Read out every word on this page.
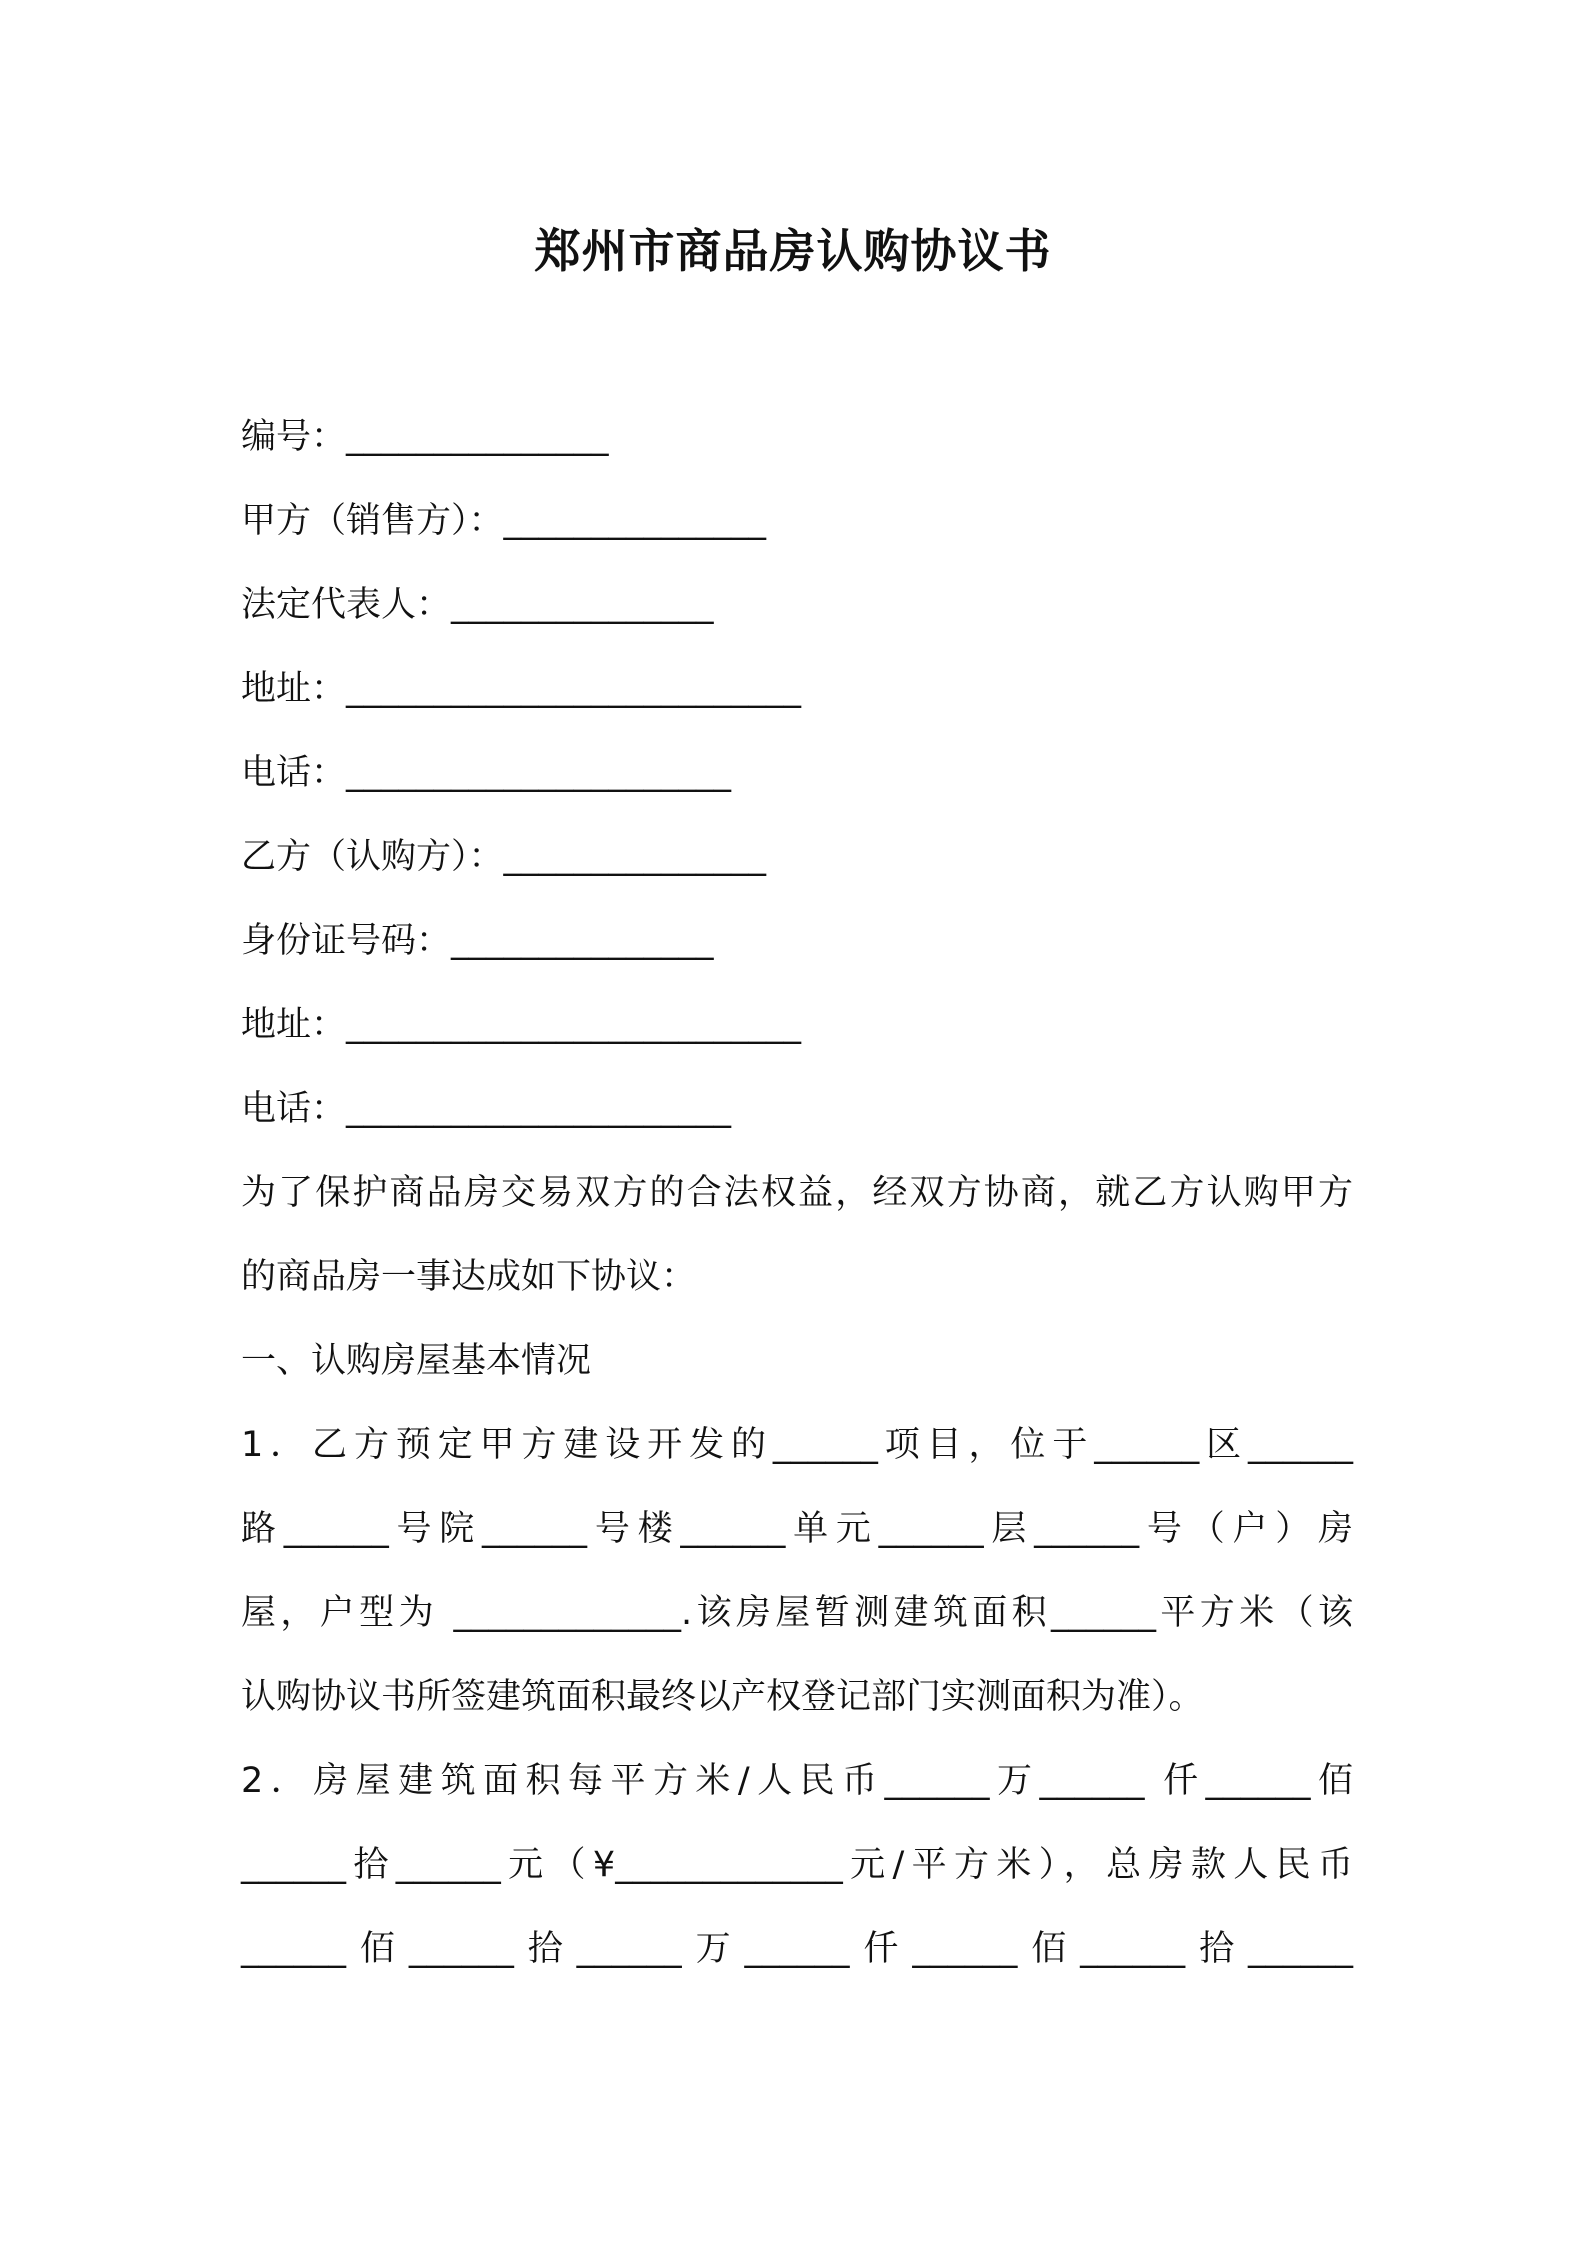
郑州市商品房认购协议书
编号：_______________
甲方（销售方）：_______________
法定代表人：_______________
地址：__________________________
电话：______________________
乙方（认购方）：_______________
身份证号码：_______________
地址：__________________________
电话：______________________
为了保护商品房交易双方的合法权益，经双方协商，就乙方认购甲方
的商品房一事达成如下协议：
一、认购房屋基本情况
1．乙方预定甲方建设开发的______项目，位于______区______
路______号院______号楼______单元______层______号（户）房
屋，户型为 _____________.该房屋暂测建筑面积______平方米（该
认购协议书所签建筑面积最终以产权登记部门实测面积为准）。
2．房屋建筑面积每平方米/人民币______万______ 仟______佰
______拾______元（¥_____________元/平方米），总房款人民币
______佰______拾______万______仟______佰______拾______
